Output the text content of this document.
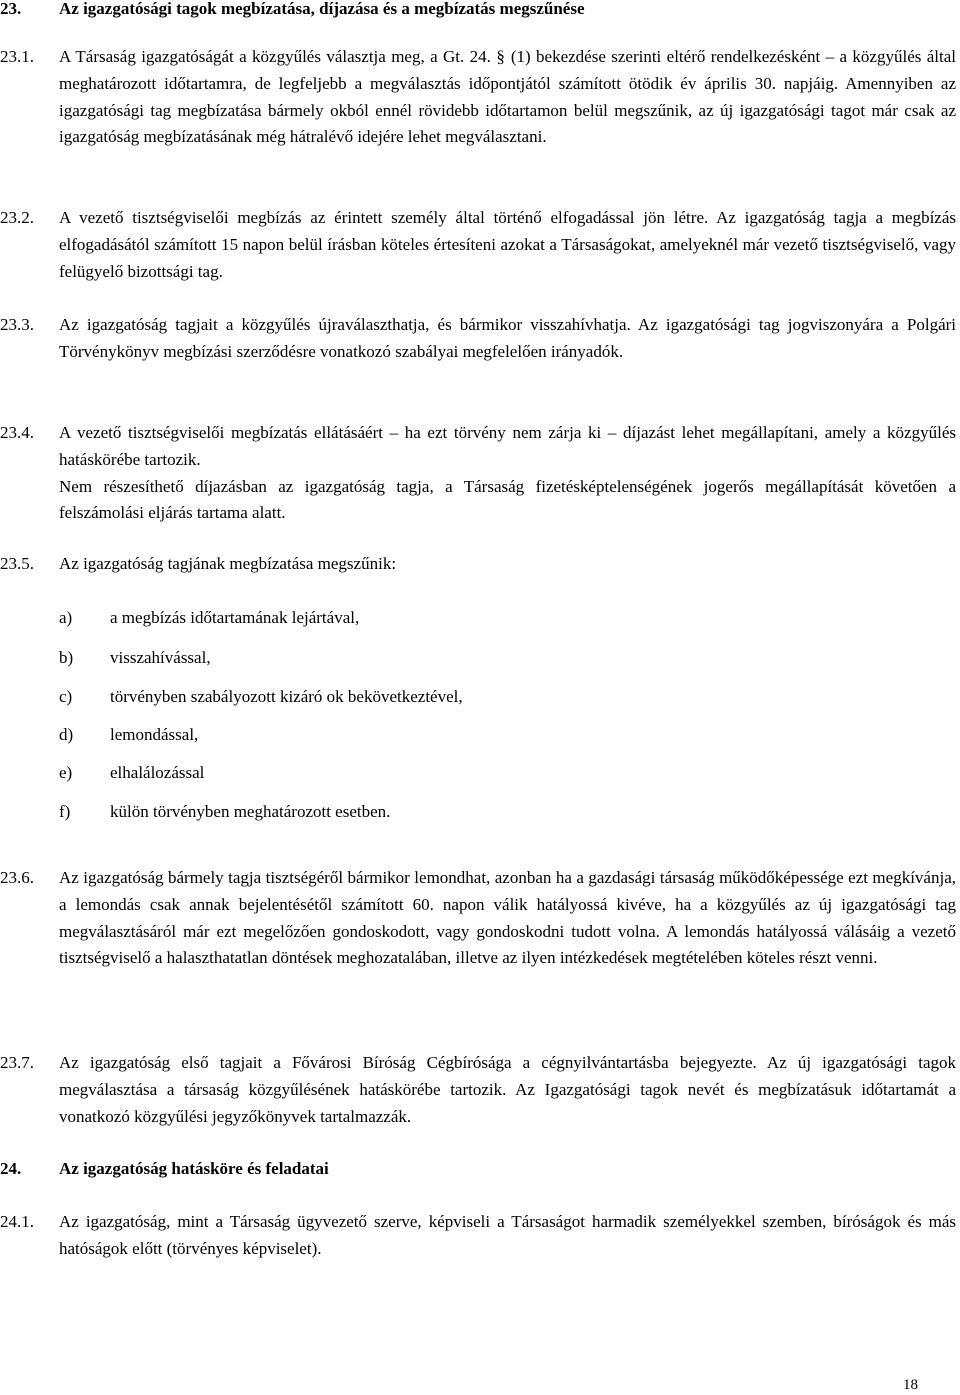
23.	Az igazgatósági tagok megbízatása, díjazása és a megbízatás megszűnése
23.1.	A Társaság igazgatóságát a közgyűlés választja meg, a Gt. 24. § (1) bekezdése szerinti eltérő rendelkezésként – a közgyűlés által meghatározott időtartamra, de legfeljebb a megválasztás időpontjától számított ötödik év április 30. napjáig. Amennyiben az igazgatósági tag megbízatása bármely okból ennél rövidebb időtartamon belül megszűnik, az új igazgatósági tagot már csak az igazgatóság megbízatásának még hátralévő idejére lehet megválasztani.
23.2.	A vezető tisztségviselői megbízás az érintett személy által történő elfogadással jön létre. Az igazgatóság tagja a megbízás elfogadásától számított 15 napon belül írásban köteles értesíteni azokat a Társaságokat, amelyeknél már vezető tisztségviselő, vagy felügyelő bizottsági tag.
23.3.	Az igazgatóság tagjait a közgyűlés újraválaszthatja, és bármikor visszahívhatja. Az igazgatósági tag jogviszonyára a Polgári Törvénykönyv megbízási szerződésre vonatkozó szabályai megfelelően irányadók.
23.4.	A vezető tisztségviselői megbízatás ellátásáért – ha ezt törvény nem zárja ki – díjazást lehet megállapítani, amely a közgyűlés hatáskörébe tartozik.
Nem részesíthető díjazásban az igazgatóság tagja, a Társaság fizetésképtelenségének jogerős megállapítását követően a felszámolási eljárás tartama alatt.
23.5.	Az igazgatóság tagjának megbízatása megszűnik:
a)	a megbízás időtartamának lejártával,
b)	visszahívással,
c)	törvényben szabályozott kizáró ok bekövetkeztével,
d)	lemondással,
e)	elhalálozással
f)	külön törvényben meghatározott esetben.
23.6.	Az igazgatóság bármely tagja tisztségéről bármikor lemondhat, azonban ha a gazdasági társaság működőképessége ezt megkívánja, a lemondás csak annak bejelentésétől számított 60. napon válik hatályossá kivéve, ha a közgyűlés az új igazgatósági tag megválasztásáról már ezt megelőzően gondoskodott, vagy gondoskodni tudott volna. A lemondás hatályossá válásáig a vezető tisztségviselő a halaszthatatlan döntések meghozatalában, illetve az ilyen intézkedések megtételében köteles részt venni.
23.7.	Az igazgatóság első tagjait a Fővárosi Bíróság Cégbírósága a cégnyilvántartásba bejegyezte. Az új igazgatósági tagok megválasztása a társaság közgyűlésének hatáskörébe tartozik. Az Igazgatósági tagok nevét és megbízatásuk időtartamát a vonatkozó közgyűlési jegyzőkönyvek tartalmazzák.
24.	Az igazgatóság hatásköre és feladatai
24.1.	Az igazgatóság, mint a Társaság ügyvezető szerve, képviseli a Társaságot harmadik személyekkel szemben, bíróságok és más hatóságok előtt (törvényes képviselet).
18
